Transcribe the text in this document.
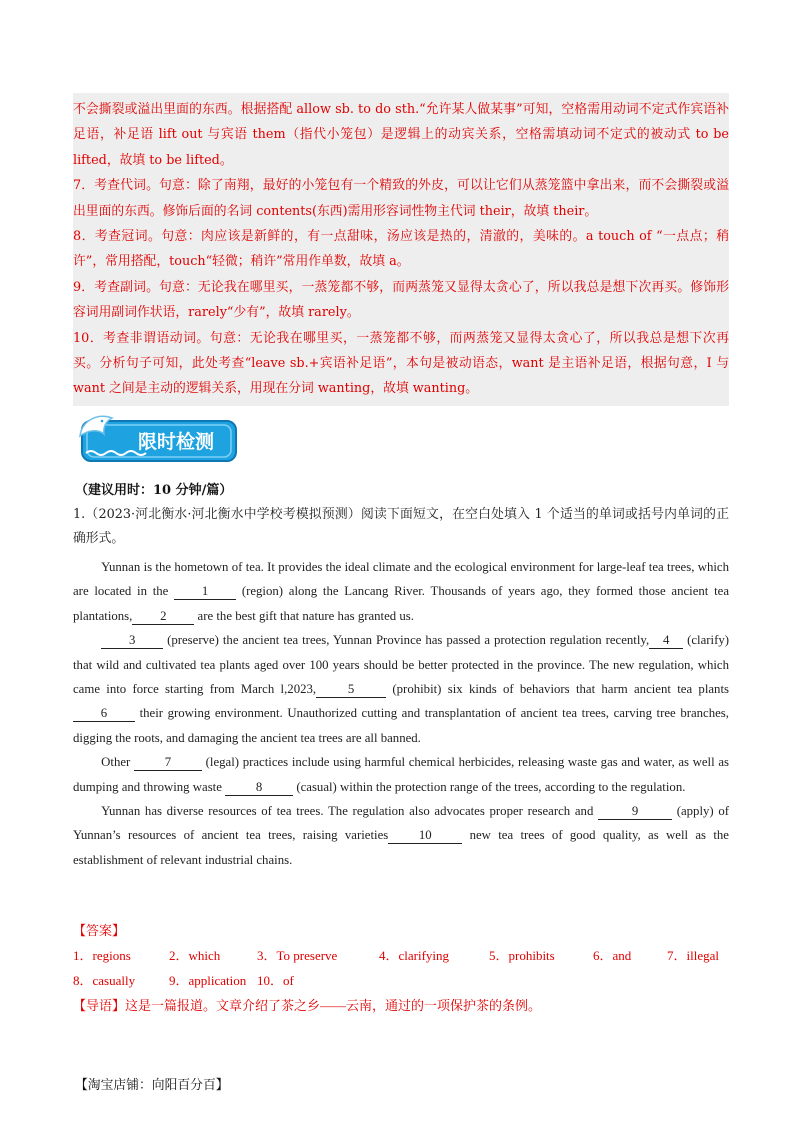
不会撕裂或溢出里面的东西。根据搭配 allow sb. to do sth.“允许某人做某事”可知，空格需用动词不定式作宾语补足语，补足语 lift out 与宾语 them（指代小笼包）是逻辑上的动宾关系，空格需填动词不定式的被动式 to be lifted，故填 to be lifted。

7．考查代词。句意：除了南翔，最好的小笼包有一个精致的外皮，可以让它们从蒸笼篮中拿出来，而不会撕裂或溢出里面的东西。修饰后面的名词 contents(东西)需用形容词性物主代词 their，故填 their。

8．考查冠词。句意：肉应该是新鲜的，有一点甜味，汤应该是热的，清澈的，美味的。a touch of “一点点；稍许”，常用搭配，touch“轻微；稍许”常用作单数，故填 a。

9．考查副词。句意：无论我在哪里买，一蒸笼都不够，而两蒸笼又显得太贪心了，所以我总是想下次再买。修饰形容词用副词作状语，rarely“少有”，故填 rarely。

10．考查非谓语动词。句意：无论我在哪里买，一蒸笼都不够，而两蒸笼又显得太贪心了，所以我总是想下次再买。分析句子可知，此处考查“leave sb.+宾语补足语”，本句是被动语态，want 是主语补足语，根据句意，I 与 want 之间是主动的逻辑关系，用现在分词 wanting，故填 wanting。

限时检测
（建议用时：10 分钟/篇）
1.（2023·河北衡水·河北衡水中学校考模拟预测）阅读下面短文，在空白处填入 1 个适当的单词或括号内单词的正确形式。

Yunnan is the hometown of tea. It provides the ideal climate and the ecological environment for large-leaf tea trees, which are located in the 1 (region) along the Lancang River. Thousands of years ago, they formed those ancient tea plantations, 2 are the best gift that nature has granted us.

3 (preserve) the ancient tea trees, Yunnan Province has passed a protection regulation recently, 4 (clarify) that wild and cultivated tea plants aged over 100 years should be better protected in the province. The new regulation, which came into force starting from March l,2023, 5 (prohibit) six kinds of behaviors that harm ancient tea plants 6 their growing environment. Unauthorized cutting and transplantation of ancient tea trees, carving tree branches, digging the roots, and damaging the ancient tea trees are all banned.

Other 7 (legal) practices include using harmful chemical herbicides, releasing waste gas and water, as well as dumping and throwing waste 8 (casual) within the protection range of the trees, according to the regulation.

Yunnan has diverse resources of tea trees. The regulation also advocates proper research and	9	(apply) of Yunnan’s resources of ancient tea trees, raising varieties 10 new tea trees of good quality, as well as the establishment of relevant industrial chains.

【答案】
1．regions	2．which	3．To preserve	4．clarifying	5．prohibits	6．and	7．illegal
8．casually	9．application 10．of
【导语】这是一篇报道。文章介绍了茶之乡——云南，通过的一项保护茶的条例。
【淘宝店铺：向阳百分百】
